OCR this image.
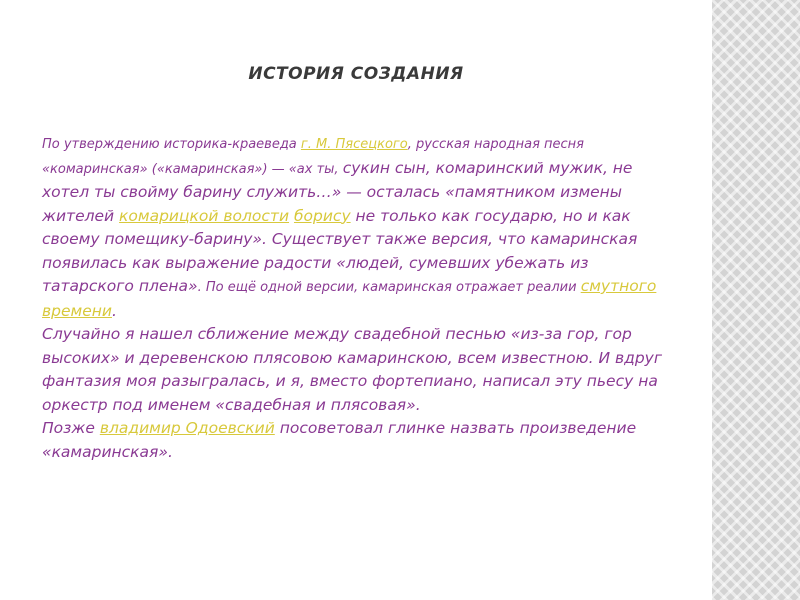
ИСТОРИЯ СОЗДАНИЯ

По утверждению историка-краеведа г. М. Пясецкого, русская народная песня «комаринская» («камаринская») — «ах ты, сукин сын, комаринский мужик, не хотел ты свойму барину служить…» — осталась «памятником измены жителей комарицкой волости борису не только как государю, но и как своему помещику-барину». Существует также версия, что камаринская появилась как выражение радости «людей, сумевших убежать из татарского плена». По ещё одной версии, камаринская отражает реалии смутного времени.

Случайно я нашел сближение между свадебной песнью «из-за гор, гор высоких» и деревенскою плясовою камаринскою, всем известною. И вдруг фантазия моя разыгралась, и я, вместо фортепиано, написал эту пьесу на оркестр под именем «свадебная и плясовая».

Позже владимир Одоевский посоветовал глинке назвать произведение «камаринская».
